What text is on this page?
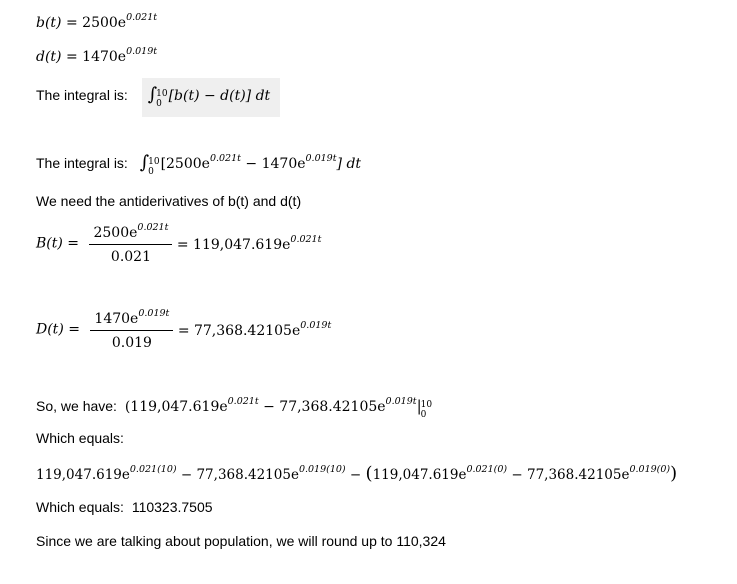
$b(t) = 2500e^{0.021t}$
$d(t) = 1470e^{0.019t}$
The integral is: ∫ 10
0 [b(t) − d(t)] dt
The integral is: ∫ 10
0 $[2500e^{0.021t} - 1470e^{0.019t}]$ dt
We need the antiderivatives of b(t) and d(t)
$B(t) = \frac{2500e^{0.021t}}{0.021} = 119,047.619e^{0.021t}$
$D(t) = \frac{1470e^{0.019t}}{0.019} = 77,368.42105e^{0.019t}$
So, we have: ($119,047.619e^{0.021t} - 77,368.42105e^{0.019t}|$ 10
0
Which equals:
$119,047.619e^{0.021(10)} - 77,368.42105e^{0.019(10)} - (119,047.619e^{0.021(0)} - 77,368.42105e^{0.019(0)})$
Which equals: 110323.7505
Since we are talking about population, we will round up to 110,324
